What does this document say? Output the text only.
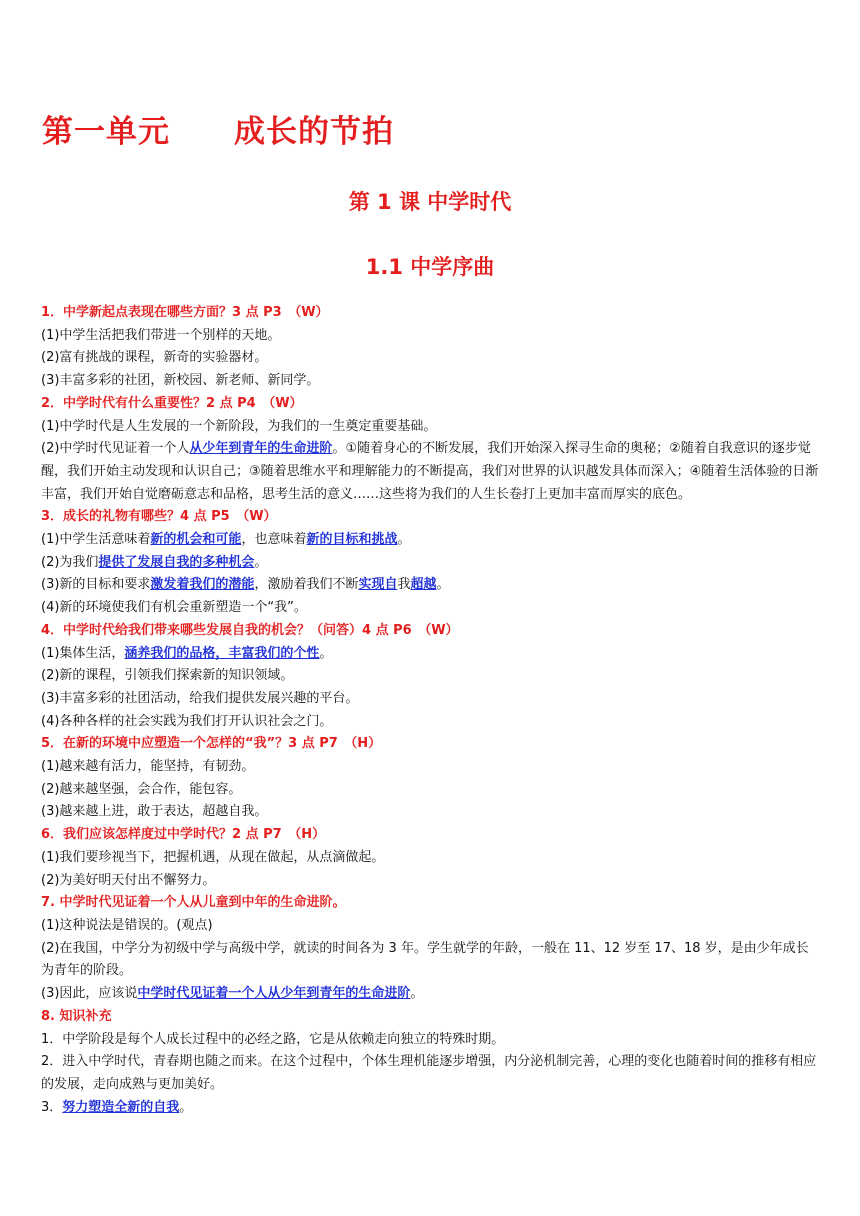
第一单元　　成长的节拍
第 1 课 中学时代
1.1 中学序曲

1．中学新起点表现在哪些方面？3 点 P3　（W）

(1)中学生活把我们带进一个别样的天地。

(2)富有挑战的课程，新奇的实验器材。

(3)丰富多彩的社团，新校园、新老师、新同学。

2．中学时代有什么重要性？2 点 P4　（W）

(1)中学时代是人生发展的一个新阶段，为我们的一生奠定重要基础。

(2)中学时代见证着一个人从少年到青年的生命进阶。①随着身心的不断发展，我们开始深入探寻生命的奥秘；②随着自我意识的逐步觉醒，我们开始主动发现和认识自己；③随着思维水平和理解能力的不断提高，我们对世界的认识越发具体而深入；④随着生活体验的日渐丰富，我们开始自觉磨砺意志和品格，思考生活的意义……这些将为我们的人生长卷打上更加丰富而厚实的底色。

3．成长的礼物有哪些？4 点 P5　（W）

(1)中学生活意味着新的机会和可能，也意味着新的目标和挑战。

(2)为我们提供了发展自我的多种机会。

(3)新的目标和要求激发着我们的潜能，激励着我们不断实现自我超越。

(4)新的环境使我们有机会重新塑造一个“我”。

4．中学时代给我们带来哪些发展自我的机会？（问答）4 点 P6　（W）

(1)集体生活，涵养我们的品格，丰富我们的个性。

(2)新的课程，引领我们探索新的知识领域。

(3)丰富多彩的社团活动，给我们提供发展兴趣的平台。

(4)各种各样的社会实践为我们打开认识社会之门。

5．在新的环境中应塑造一个怎样的“我”？3 点 P7　（H）

(1)越来越有活力，能坚持，有韧劲。

(2)越来越坚强，会合作，能包容。

(3)越来越上进，敢于表达，超越自我。

6．我们应该怎样度过中学时代？2 点 P7　（H）

(1)我们要珍视当下，把握机遇，从现在做起，从点滴做起。

(2)为美好明天付出不懈努力。

7. 中学时代见证着一个人从儿童到中年的生命进阶。

(1)这种说法是错误的。(观点)

(2)在我国，中学分为初级中学与高级中学，就读的时间各为 3 年。学生就学的年龄，一般在 11、12 岁至 17、18 岁，是由少年成长为青年的阶段。

(3)因此，应该说中学时代见证着一个人从少年到青年的生命进阶。

8. 知识补充

1．中学阶段是每个人成长过程中的必经之路，它是从依赖走向独立的特殊时期。

2．进入中学时代，青春期也随之而来。在这个过程中，个体生理机能逐步增强，内分泌机制完善，心理的变化也随着时间的推移有相应的发展，走向成熟与更加美好。

3．努力塑造全新的自我。
